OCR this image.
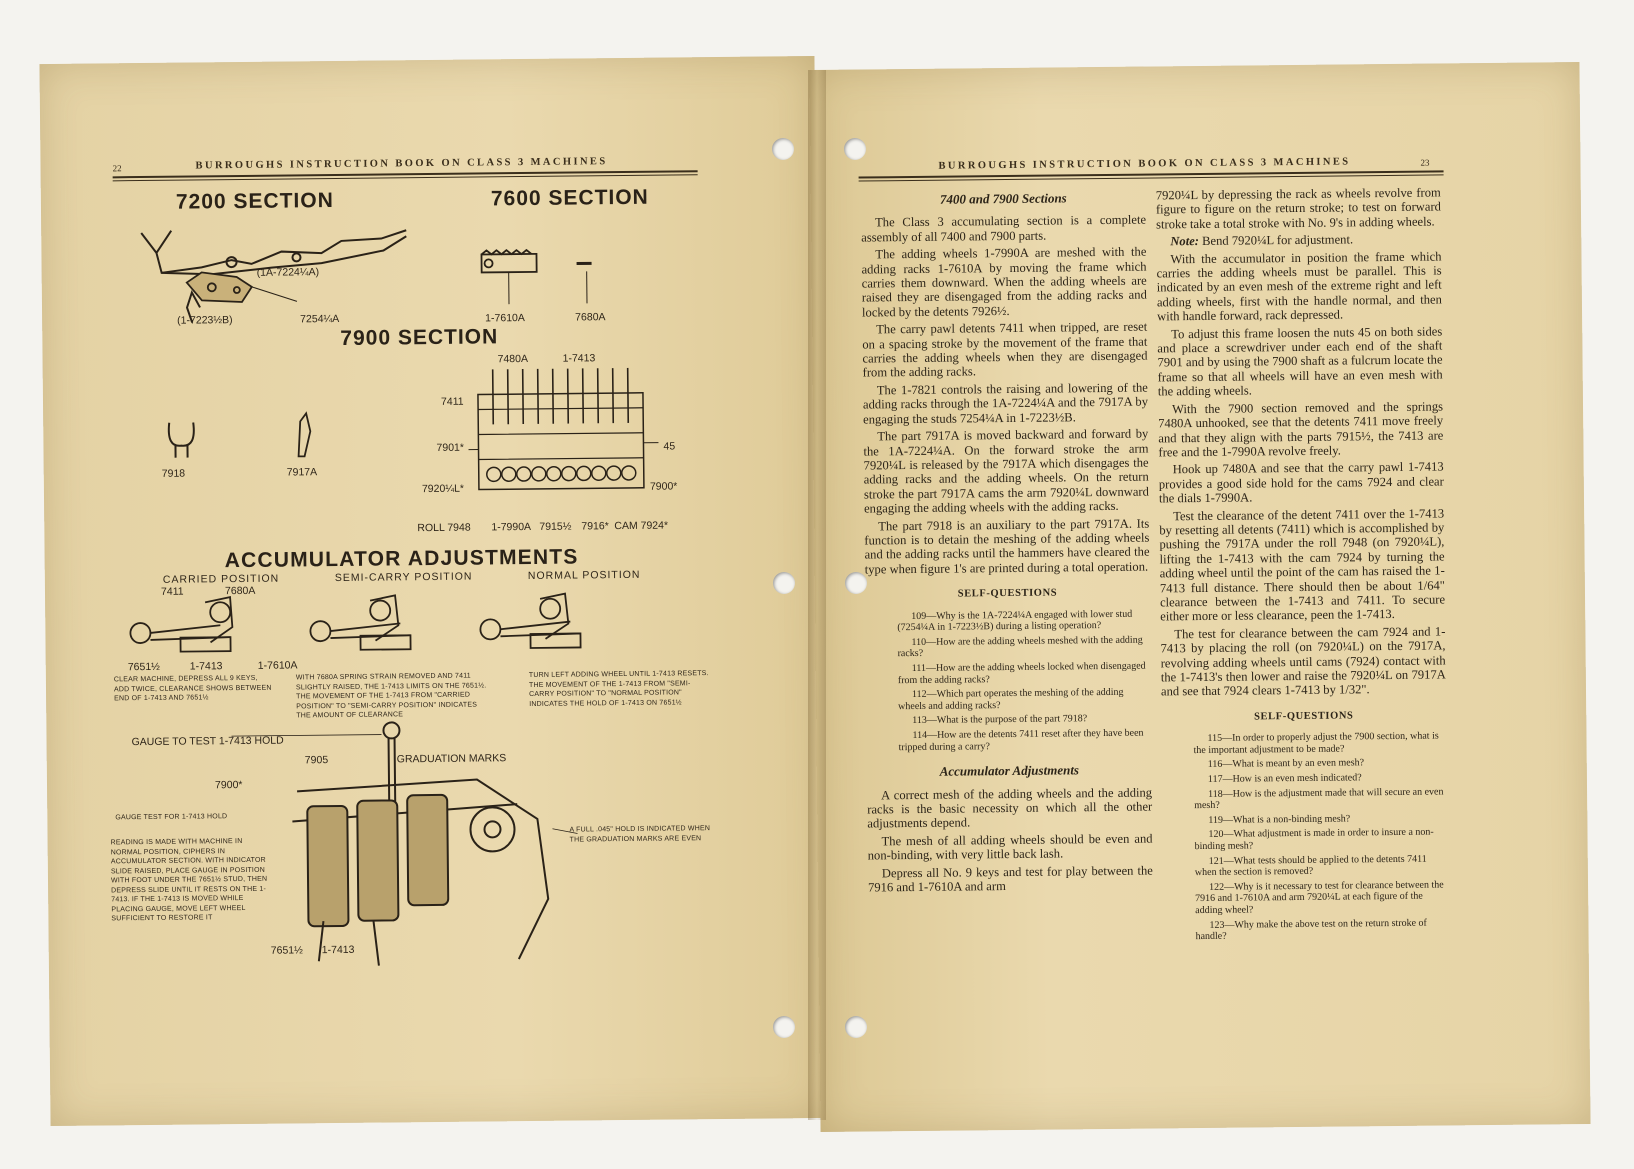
22	BURROUGHS INSTRUCTION BOOK ON CLASS 3 MACHINES
7200 SECTION	7600 SECTION
(1A-7224¼A)
(1-7223½B)	7254¼A	1-7610A	7680A
7900 SECTION
7918	7917A
7480A	1-7413
7411
7901*	45
7920¼L*	7900*
ROLL 7948 1-7990A 7915½ 7916* CAM 7924*
ACCUMULATOR ADJUSTMENTS
CARRIED POSITION	SEMI-CARRY POSITION	NORMAL POSITION
7411	7680A
7651½	1-7413	1-7610A
CLEAR MACHINE, DEPRESS ALL 9 KEYS, ADD TWICE, CLEARANCE SHOWS BETWEEN END OF 1-7413 AND 7651½
WITH 7680A SPRING STRAIN REMOVED AND 7411 SLIGHTLY RAISED, THE 1-7413 LIMITS ON THE 7651½. THE MOVEMENT OF THE 1-7413 FROM "CARRIED POSITION" TO "SEMI-CARRY POSITION" INDICATES THE AMOUNT OF CLEARANCE
TURN LEFT ADDING WHEEL UNTIL 1-7413 RESETS. THE MOVEMENT OF THE 1-7413 FROM "SEMI-CARRY POSITION" TO "NORMAL POSITION" INDICATES THE HOLD OF 1-7413 ON 7651½
GAUGE TO TEST 1-7413 HOLD
7905	GRADUATION MARKS
7900*
GAUGE TEST FOR 1-7413 HOLD
READING IS MADE WITH MACHINE IN NORMAL POSITION, CIPHERS IN ACCUMULATOR SECTION. WITH INDICATOR SLIDE RAISED, PLACE GAUGE IN POSITION WITH FOOT UNDER THE 7651½ STUD, THEN DEPRESS SLIDE UNTIL IT RESTS ON THE 1-7413. IF THE 1-7413 IS MOVED WHILE PLACING GAUGE, MOVE LEFT WHEEL SUFFICIENT TO RESTORE IT
A FULL .045" HOLD IS INDICATED WHEN THE GRADUATION MARKS ARE EVEN
7651½ 1-7413
BURROUGHS INSTRUCTION BOOK ON CLASS 3 MACHINES	23
7400 and 7900 Sections

The Class 3 accumulating section is a complete assembly of all 7400 and 7900 parts.

The adding wheels 1-7990A are meshed with the adding racks 1-7610A by moving the frame which carries them downward. When the adding wheels are raised they are disengaged from the adding racks and locked by the detents 7926½.

The carry pawl detents 7411 when tripped, are reset on a spacing stroke by the movement of the frame that carries the adding wheels when they are disengaged from the adding racks.

The 1-7821 controls the raising and lowering of the adding racks through the 1A-7224¼A and the 7917A by engaging the studs 7254¼A in 1-7223½B.

The part 7917A is moved backward and forward by the 1A-7224¼A. On the forward stroke the arm 7920¼L is released by the 7917A which disengages the adding racks and the adding wheels. On the return stroke the part 7917A cams the arm 7920¼L downward engaging the adding wheels with the adding racks.

The part 7918 is an auxiliary to the part 7917A. Its function is to detain the meshing of the adding wheels and the adding racks until the hammers have cleared the type when figure 1's are printed during a total operation.

SELF-QUESTIONS

109—Why is the 1A-7224¼A engaged with lower stud (7254¼A in 1-7223½B) during a listing operation?

110—How are the adding wheels meshed with the adding racks?

111—How are the adding wheels locked when disengaged from the adding racks?

112—Which part operates the meshing of the adding wheels and adding racks?

113—What is the purpose of the part 7918?

114—How are the detents 7411 reset after they have been tripped during a carry?

Accumulator Adjustments

A correct mesh of the adding wheels and the adding racks is the basic necessity on which all the other adjustments depend.

The mesh of all adding wheels should be even and non-binding, with very little back lash.

Depress all No. 9 keys and test for play between the 7916 and 1-7610A and arm

7920¼L by depressing the rack as wheels revolve from figure to figure on the return stroke; to test on forward stroke take a total stroke with No. 9's in adding wheels.

Note: Bend 7920¼L for adjustment.

With the accumulator in position the frame which carries the adding wheels must be parallel. This is indicated by an even mesh of the extreme right and left adding wheels, first with the handle normal, and then with handle forward, rack depressed.

To adjust this frame loosen the nuts 45 on both sides and place a screwdriver under each end of the shaft 7901 and by using the 7900 shaft as a fulcrum locate the frame so that all wheels will have an even mesh with the adding wheels.

With the 7900 section removed and the springs 7480A unhooked, see that the detents 7411 move freely and that they align with the parts 7915½, the 7413 are free and the 1-7990A revolve freely.

Hook up 7480A and see that the carry pawl 1-7413 provides a good side hold for the cams 7924 and clear the dials 1-7990A.

Test the clearance of the detent 7411 over the 1-7413 by resetting all detents (7411) which is accomplished by pushing the 7917A under the roll 7948 (on 7920¼L), lifting the 1-7413 with the cam 7924 by turning the adding wheel until the point of the cam has raised the 1-7413 full distance. There should then be about 1/64" clearance between the 1-7413 and 7411. To secure either more or less clearance, peen the 1-7413.

The test for clearance between the cam 7924 and 1-7413 by placing the roll (on 7920¼L) on the 7917A, revolving adding wheels until cams (7924) contact with the 1-7413's then lower and raise the 7920¼L on 7917A and see that 7924 clears 1-7413 by 1/32".

SELF-QUESTIONS

115—In order to properly adjust the 7900 section, what is the important adjustment to be made?

116—What is meant by an even mesh?

117—How is an even mesh indicated?

118—How is the adjustment made that will secure an even mesh?

119—What is a non-binding mesh?

120—What adjustment is made in order to insure a non-binding mesh?

121—What tests should be applied to the detents 7411 when the section is removed?

122—Why is it necessary to test for clearance between the 7916 and 1-7610A and arm 7920¼L at each figure of the adding wheel?

123—Why make the above test on the return stroke of handle?
